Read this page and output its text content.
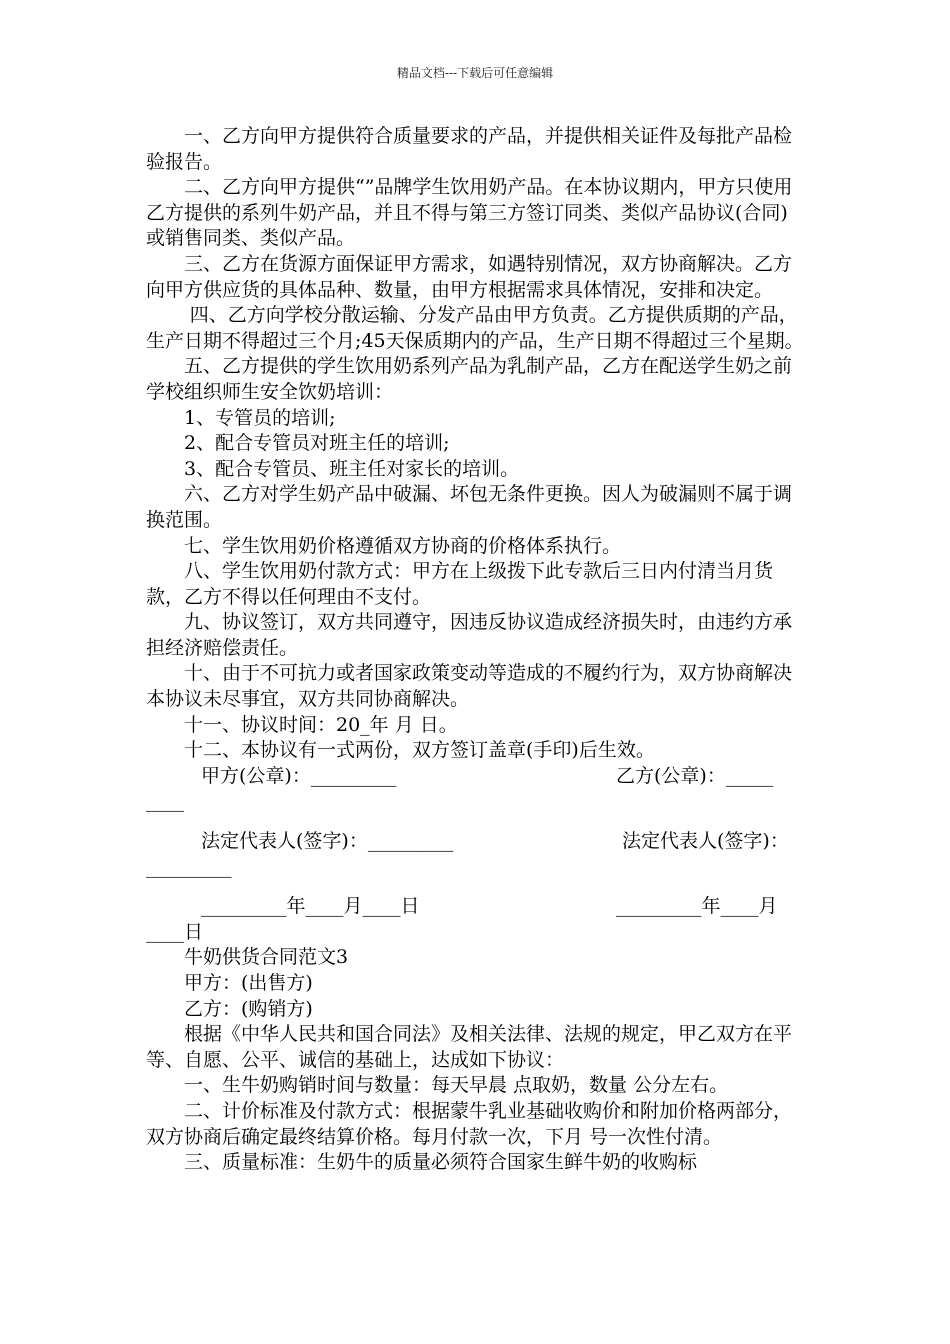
精品文档---下载后可任意编辑

一、乙方向甲方提供符合质量要求的产品，并提供相关证件及每批产品检验报告。

二、乙方向甲方提供“”品牌学生饮用奶产品。在本协议期内，甲方只使用乙方提供的系列牛奶产品，并且不得与第三方签订同类、类似产品协议(合同)或销售同类、类似产品。

三、乙方在货源方面保证甲方需求，如遇特别情况，双方协商解决。乙方向甲方供应货的具体品种、数量，由甲方根据需求具体情况，安排和决定。

四、乙方向学校分散运输、分发产品由甲方负责。乙方提供质期的产品，生产日期不得超过三个月;45天保质期内的产品，生产日期不得超过三个星期。

五、乙方提供的学生饮用奶系列产品为乳制产品，乙方在配送学生奶之前学校组织师生安全饮奶培训：

1、专管员的培训;

2、配合专管员对班主任的培训;

3、配合专管员、班主任对家长的培训。

六、乙方对学生奶产品中破漏、坏包无条件更换。因人为破漏则不属于调换范围。

七、学生饮用奶价格遵循双方协商的价格体系执行。

八、学生饮用奶付款方式：甲方在上级拨下此专款后三日内付清当月货款，乙方不得以任何理由不支付。

九、协议签订，双方共同遵守，因违反协议造成经济损失时，由违约方承担经济赔偿责任。

十、由于不可抗力或者国家政策变动等造成的不履约行为，双方协商解决本协议未尽事宜，双方共同协商解决。

十一、协议时间：20_年 月 日。

十二、本协议有一式两份，双方签订盖章(手印)后生效。

甲方(公章)：_________

	乙方(公章)：_____

____

法定代表人(签字)：_________

	法定代表人(签字)：

_________

_________年____月____日

	_________年____月

____日

牛奶供货合同范文3

甲方：(出售方)

乙方：(购销方)

根据《中华人民共和国合同法》及相关法律、法规的规定，甲乙双方在平等、自愿、公平、诚信的基础上，达成如下协议：

一、生牛奶购销时间与数量：每天早晨 点取奶，数量 公分左右。

二、计价标准及付款方式：根据蒙牛乳业基础收购价和附加价格两部分，双方协商后确定最终结算价格。每月付款一次，下月 号一次性付清。

三、质量标准：生奶牛的质量必须符合国家生鲜牛奶的收购标
